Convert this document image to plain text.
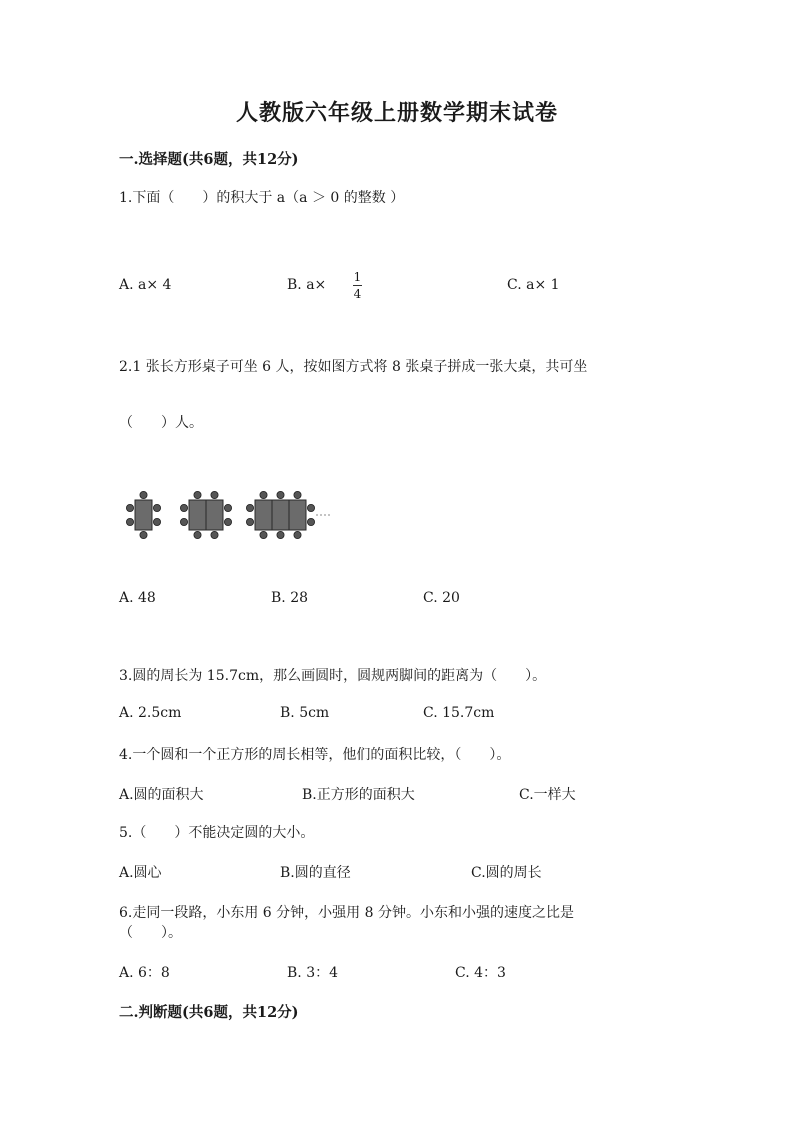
人教版六年级上册数学期末试卷
一.选择题(共6题，共12分)
1.下面（　　）的积大于 a（a ＞ 0 的整数 ）
A. a× 4	B. a× 1
4
C. a× 1
2.1 张长方形桌子可坐 6 人，按如图方式将 8 张桌子拼成一张大桌，共可坐
（　　）人。
A. 48	B. 28	C. 20
3.圆的周长为 15.7cm，那么画圆时，圆规两脚间的距离为（　　）。
A. 2.5cm	B. 5cm	C. 15.7cm
4.一个圆和一个正方形的周长相等，他们的面积比较，（　　）。
A.圆的面积大	B.正方形的面积大	C.一样大
5.（　　）不能决定圆的大小。
A.圆心	B.圆的直径	C.圆的周长
6.走同一段路，小东用 6 分钟，小强用 8 分钟。小东和小强的速度之比是
（　　）。
A. 6：8	B. 3：4	C. 4：3
二.判断题(共6题，共12分)
